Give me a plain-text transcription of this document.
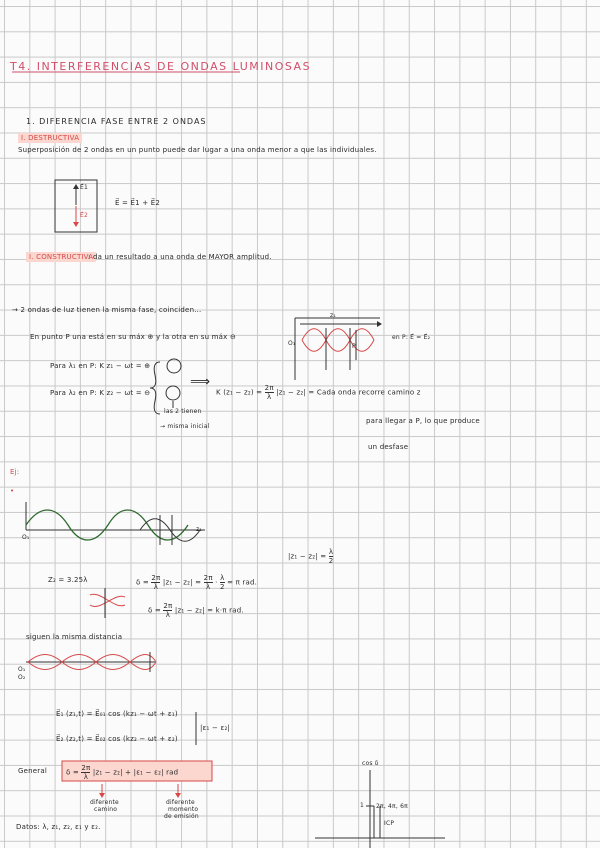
T4. INTERFERENCIAS DE ONDAS LUMINOSAS
1. DIFERENCIA FASE ENTRE 2 ONDAS
I. DESTRUCTIVA
Superposición de 2 ondas en un punto puede dar lugar a una onda menor a que las individuales.
E⃗1
E⃗2
E⃗ = E⃗1 + E⃗2
I. CONSTRUCTIVA
: da un resultado a una onda de MAYOR amplitud.
→ 2 ondas de luz tienen la misma fase, coinciden...
En punto P una está en su máx ⊕ y la otra en su máx ⊖
z₁
O₁	P
en P: E⃗ = E⃗₂
Para λ₁ en P: K z₁ − ωt = ⊕
Para λ₂ en P: K z₂ − ωt = ⊖
las 2 tienen
→ misma inicial
⟹
K $(z_1 - z_2) = \frac{2\pi}{\lambda} |z_1 - z_2|$ = Cada onda recorre camino z
para llegar a P, lo que produce
un desfase
Ej:
•
O₁
z₁
$|z_1 - z_2| = \frac{\lambda}{2}$
Z₂ = 3.25λ	$\delta = \frac{2\pi}{\lambda} |z_1 - z_2| = \frac{2\pi}{\lambda} \cdot \frac{\lambda}{2} = \pi$ rad.
$\delta = \frac{2\pi}{\lambda} |z_1 - z_2| = k\cdot\pi$ rad.
siguen la misma distancia
O₁
O₂
E⃗₁ (z₁,t) = E⃗₀₁ cos (kz₁ − ωt + ε₁)
E⃗₂ (z₂,t) = E⃗₀₂ cos (kz₂ − ωt + ε₂)
|ε₁ − ε₂|
General	$\delta = \frac{2\pi}{\lambda} |z_1 - z_2| + |\varepsilon_1 - \varepsilon_2|$ rad
diferente
camino
diferente
momento
de emisión
Datos: λ, z₁, z₂, ε₁ y ε₂.
cos δ
1 2π, 4π, 6π
ICP
